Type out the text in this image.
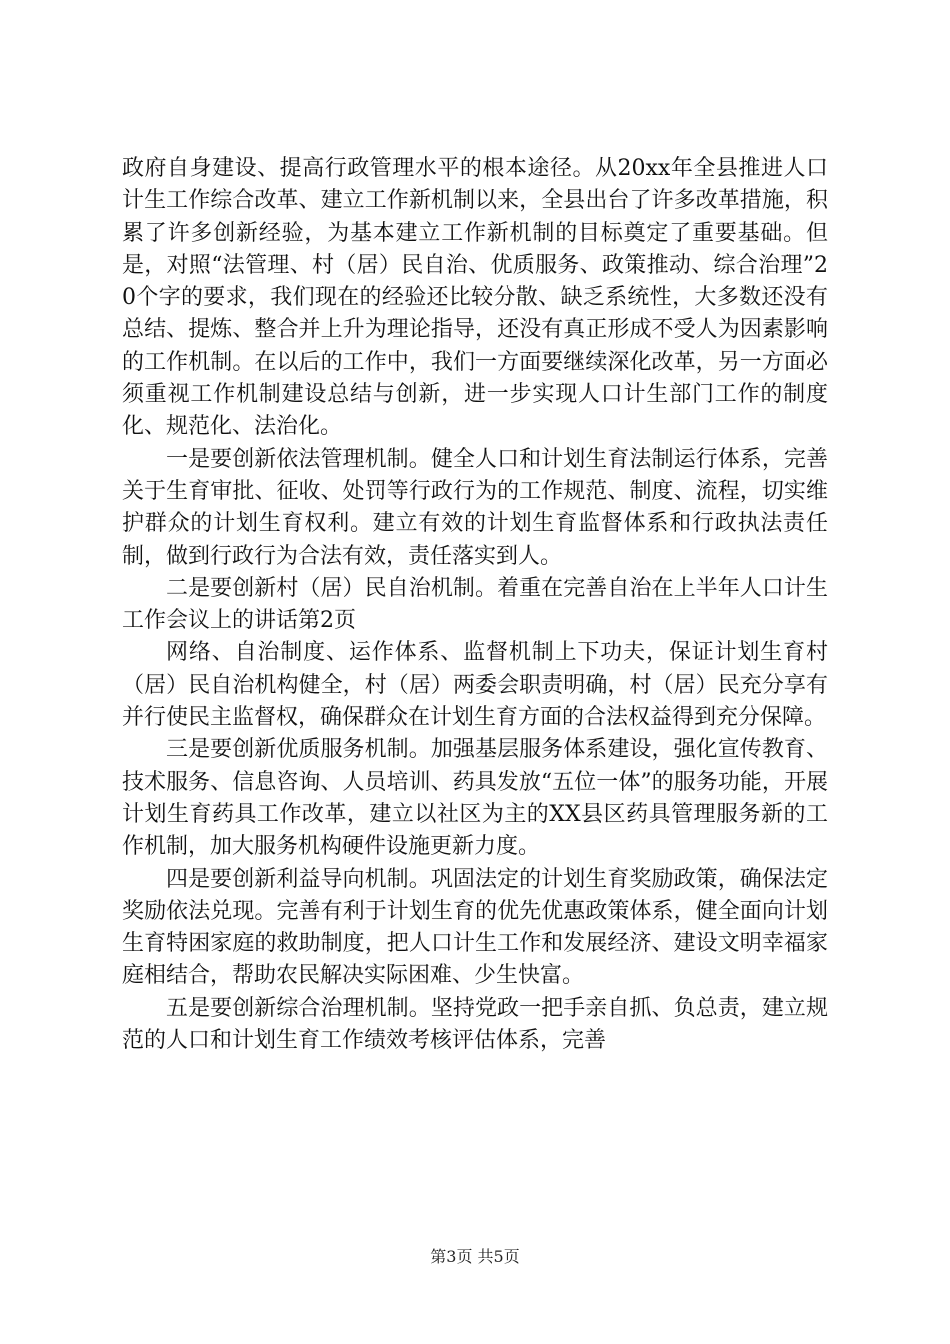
政府自身建设、提高行政管理水平的根本途径。从20xx年全县推进人口计生工作综合改革、建立工作新机制以来，全县出台了许多改革措施，积累了许多创新经验，为基本建立工作新机制的目标奠定了重要基础。但是，对照“法管理、村（居）民自治、优质服务、政策推动、综合治理”20个字的要求，我们现在的经验还比较分散、缺乏系统性，大多数还没有总结、提炼、整合并上升为理论指导，还没有真正形成不受人为因素影响的工作机制。在以后的工作中，我们一方面要继续深化改革，另一方面必须重视工作机制建设总结与创新，进一步实现人口计生部门工作的制度化、规范化、法治化。

一是要创新依法管理机制。健全人口和计划生育法制运行体系，完善关于生育审批、征收、处罚等行政行为的工作规范、制度、流程，切实维护群众的计划生育权利。建立有效的计划生育监督体系和行政执法责任制，做到行政行为合法有效，责任落实到人。

二是要创新村（居）民自治机制。着重在完善自治在上半年人口计生工作会议上的讲话第2页

网络、自治制度、运作体系、监督机制上下功夫，保证计划生育村（居）民自治机构健全，村（居）两委会职责明确，村（居）民充分享有并行使民主监督权，确保群众在计划生育方面的合法权益得到充分保障。

三是要创新优质服务机制。加强基层服务体系建设，强化宣传教育、技术服务、信息咨询、人员培训、药具发放“五位一体”的服务功能，开展计划生育药具工作改革，建立以社区为主的XX县区药具管理服务新的工作机制，加大服务机构硬件设施更新力度。

四是要创新利益导向机制。巩固法定的计划生育奖励政策，确保法定奖励依法兑现。完善有利于计划生育的优先优惠政策体系，健全面向计划生育特困家庭的救助制度，把人口计生工作和发展经济、建设文明幸福家庭相结合，帮助农民解决实际困难、少生快富。

五是要创新综合治理机制。坚持党政一把手亲自抓、负总责，建立规范的人口和计划生育工作绩效考核评估体系，完善

第3页 共5页
